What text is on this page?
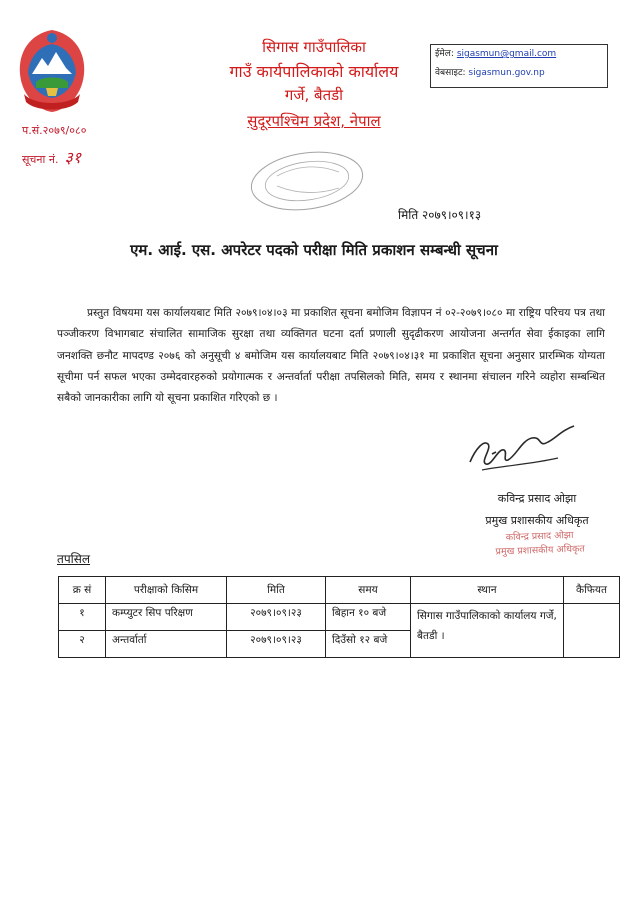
सिगास गाउँपालिका
गाउँ कार्यपालिकाको कार्यालय
गर्जे, बैतडी
सुदूरपश्चिम प्रदेश, नेपाल
ईमेल: sigasmun@gmail.com
वेबसाइट: sigasmun.gov.np
प.सं.२०७९/०८०
सूचना नं. ३१
मिति २०७९।०९।१३
एम. आई. एस. अपरेटर पदको परीक्षा मिति प्रकाशन सम्बन्धी सूचना
प्रस्तुत विषयमा यस कार्यालयबाट मिति २०७९।०४।०३ मा प्रकाशित सूचना बमोजिम विज्ञापन नं ०२-२०७९।०८० मा राष्ट्रिय परिचय पत्र तथा पञ्जीकरण विभागबाट संचालित सामाजिक सुरक्षा तथा व्यक्तिगत घटना दर्ता प्रणाली सुदृढीकरण आयोजना अन्तर्गत सेवा ईकाइका लागि जनशक्ति छनौट मापदण्ड २०७६ को अनुसूची ४ बमोजिम यस कार्यालयबाट मिति २०७९।०४।३१ मा प्रकाशित सूचना अनुसार प्रारम्भिक योग्यता सूचीमा पर्न सफल भएका उम्मेदवारहरुको प्रयोगात्मक र अन्तर्वार्ता परीक्षा तपसिलको मिति, समय र स्थानमा संचालन गरिने व्यहोरा सम्बन्धित सबैको जानकारीका लागि यो सूचना प्रकाशित गरिएको छ ।
कविन्द्र प्रसाद ओझा
प्रमुख प्रशासकीय अधिकृत
कविन्द्र प्रसाद ओझा
प्रमुख प्रशासकीय अधिकृत
तपसिल
क्र सं	परीक्षाको किसिम	मिति	समय	स्थान	कैफियत
१	कम्प्युटर सिप परिक्षण	२०७९।०९।२३	बिहान १० बजे	सिगास गाउँपालिकाको कार्यालय गर्जे, बैतडी ।	
२	अन्तर्वार्ता	२०७९।०९।२३	दिउँसो १२ बजे		
